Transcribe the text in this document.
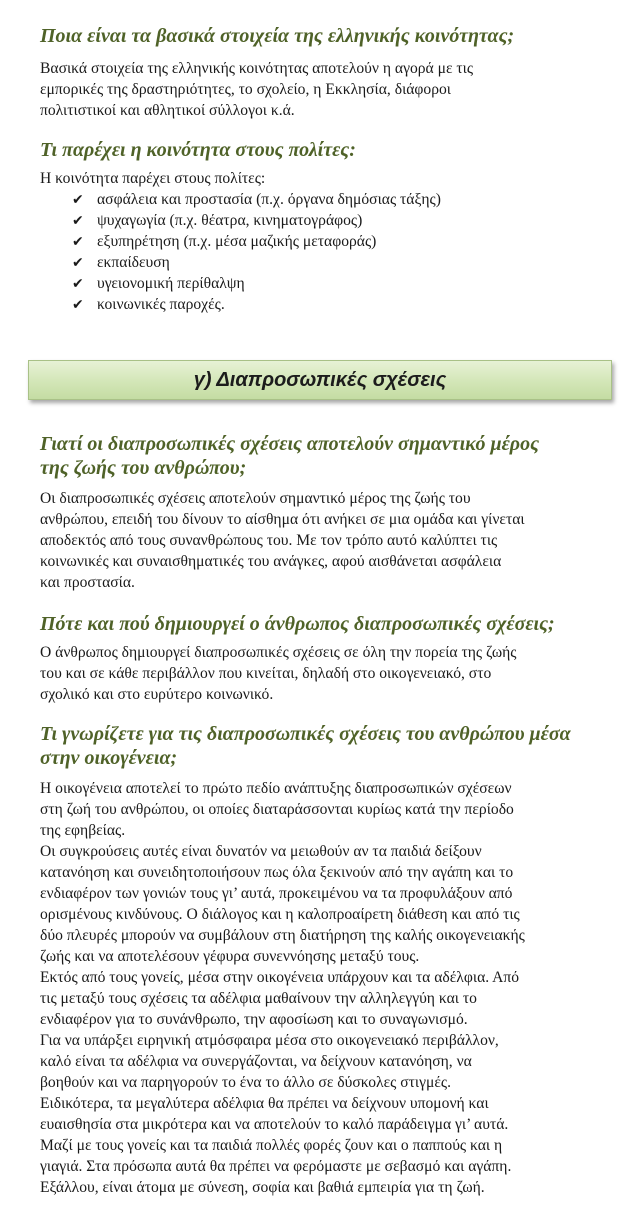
Ποια είναι τα βασικά στοιχεία της ελληνικής κοινότητας;
Βασικά στοιχεία της ελληνικής κοινότητας αποτελούν η αγορά με τις
εμπορικές της δραστηριότητες, το σχολείο, η Εκκλησία, διάφοροι
πολιτιστικοί και αθλητικοί σύλλογοι κ.ά.
Τι παρέχει η κοινότητα στους πολίτες:

Η κοινότητα παρέχει στους πολίτες:

✔ ασφάλεια και προστασία (π.χ. όργανα δημόσιας τάξης)
✔ ψυχαγωγία (π.χ. θέατρα, κινηματογράφος)
✔ εξυπηρέτηση (π.χ. μέσα μαζικής μεταφοράς)
✔ εκπαίδευση
✔ υγειονομική περίθαλψη
✔ κοινωνικές παροχές.
γ) Διαπροσωπικές σχέσεις
Γιατί οι διαπροσωπικές σχέσεις αποτελούν σημαντικό μέρος
της ζωής του ανθρώπου;
Οι διαπροσωπικές σχέσεις αποτελούν σημαντικό μέρος της ζωής του
ανθρώπου, επειδή του δίνουν το αίσθημα ότι ανήκει σε μια ομάδα και γίνεται
αποδεκτός από τους συνανθρώπους του. Με τον τρόπο αυτό καλύπτει τις
κοινωνικές και συναισθηματικές του ανάγκες, αφού αισθάνεται ασφάλεια
και προστασία.
Πότε και πού δημιουργεί ο άνθρωπος διαπροσωπικές σχέσεις;
Ο άνθρωπος δημιουργεί διαπροσωπικές σχέσεις σε όλη την πορεία της ζωής
του και σε κάθε περιβάλλον που κινείται, δηλαδή στο οικογενειακό, στο
σχολικό και στο ευρύτερο κοινωνικό.
Τι γνωρίζετε για τις διαπροσωπικές σχέσεις του ανθρώπου μέσα
στην οικογένεια;
Η οικογένεια αποτελεί το πρώτο πεδίο ανάπτυξης διαπροσωπικών σχέσεων
στη ζωή του ανθρώπου, οι οποίες διαταράσσονται κυρίως κατά την περίοδο
της εφηβείας.
Οι συγκρούσεις αυτές είναι δυνατόν να μειωθούν αν τα παιδιά δείξουν
κατανόηση και συνειδητοποιήσουν πως όλα ξεκινούν από την αγάπη και το
ενδιαφέρον των γονιών τους γι’ αυτά, προκειμένου να τα προφυλάξουν από
ορισμένους κινδύνους. Ο διάλογος και η καλοπροαίρετη διάθεση και από τις
δύο πλευρές μπορούν να συμβάλουν στη διατήρηση της καλής οικογενειακής
ζωής και να αποτελέσουν γέφυρα συνεννόησης μεταξύ τους.
Εκτός από τους γονείς, μέσα στην οικογένεια υπάρχουν και τα αδέλφια. Από
τις μεταξύ τους σχέσεις τα αδέλφια μαθαίνουν την αλληλεγγύη και το
ενδιαφέρον για το συνάνθρωπο, την αφοσίωση και το συναγωνισμό.
Για να υπάρξει ειρηνική ατμόσφαιρα μέσα στο οικογενειακό περιβάλλον,
καλό είναι τα αδέλφια να συνεργάζονται, να δείχνουν κατανόηση, να
βοηθούν και να παρηγορούν το ένα το άλλο σε δύσκολες στιγμές.
Ειδικότερα, τα μεγαλύτερα αδέλφια θα πρέπει να δείχνουν υπομονή και
ευαισθησία στα μικρότερα και να αποτελούν το καλό παράδειγμα γι’ αυτά.
Μαζί με τους γονείς και τα παιδιά πολλές φορές ζουν και ο παππούς και η
γιαγιά. Στα πρόσωπα αυτά θα πρέπει να φερόμαστε με σεβασμό και αγάπη.
Εξάλλου, είναι άτομα με σύνεση, σοφία και βαθιά εμπειρία για τη ζωή.
